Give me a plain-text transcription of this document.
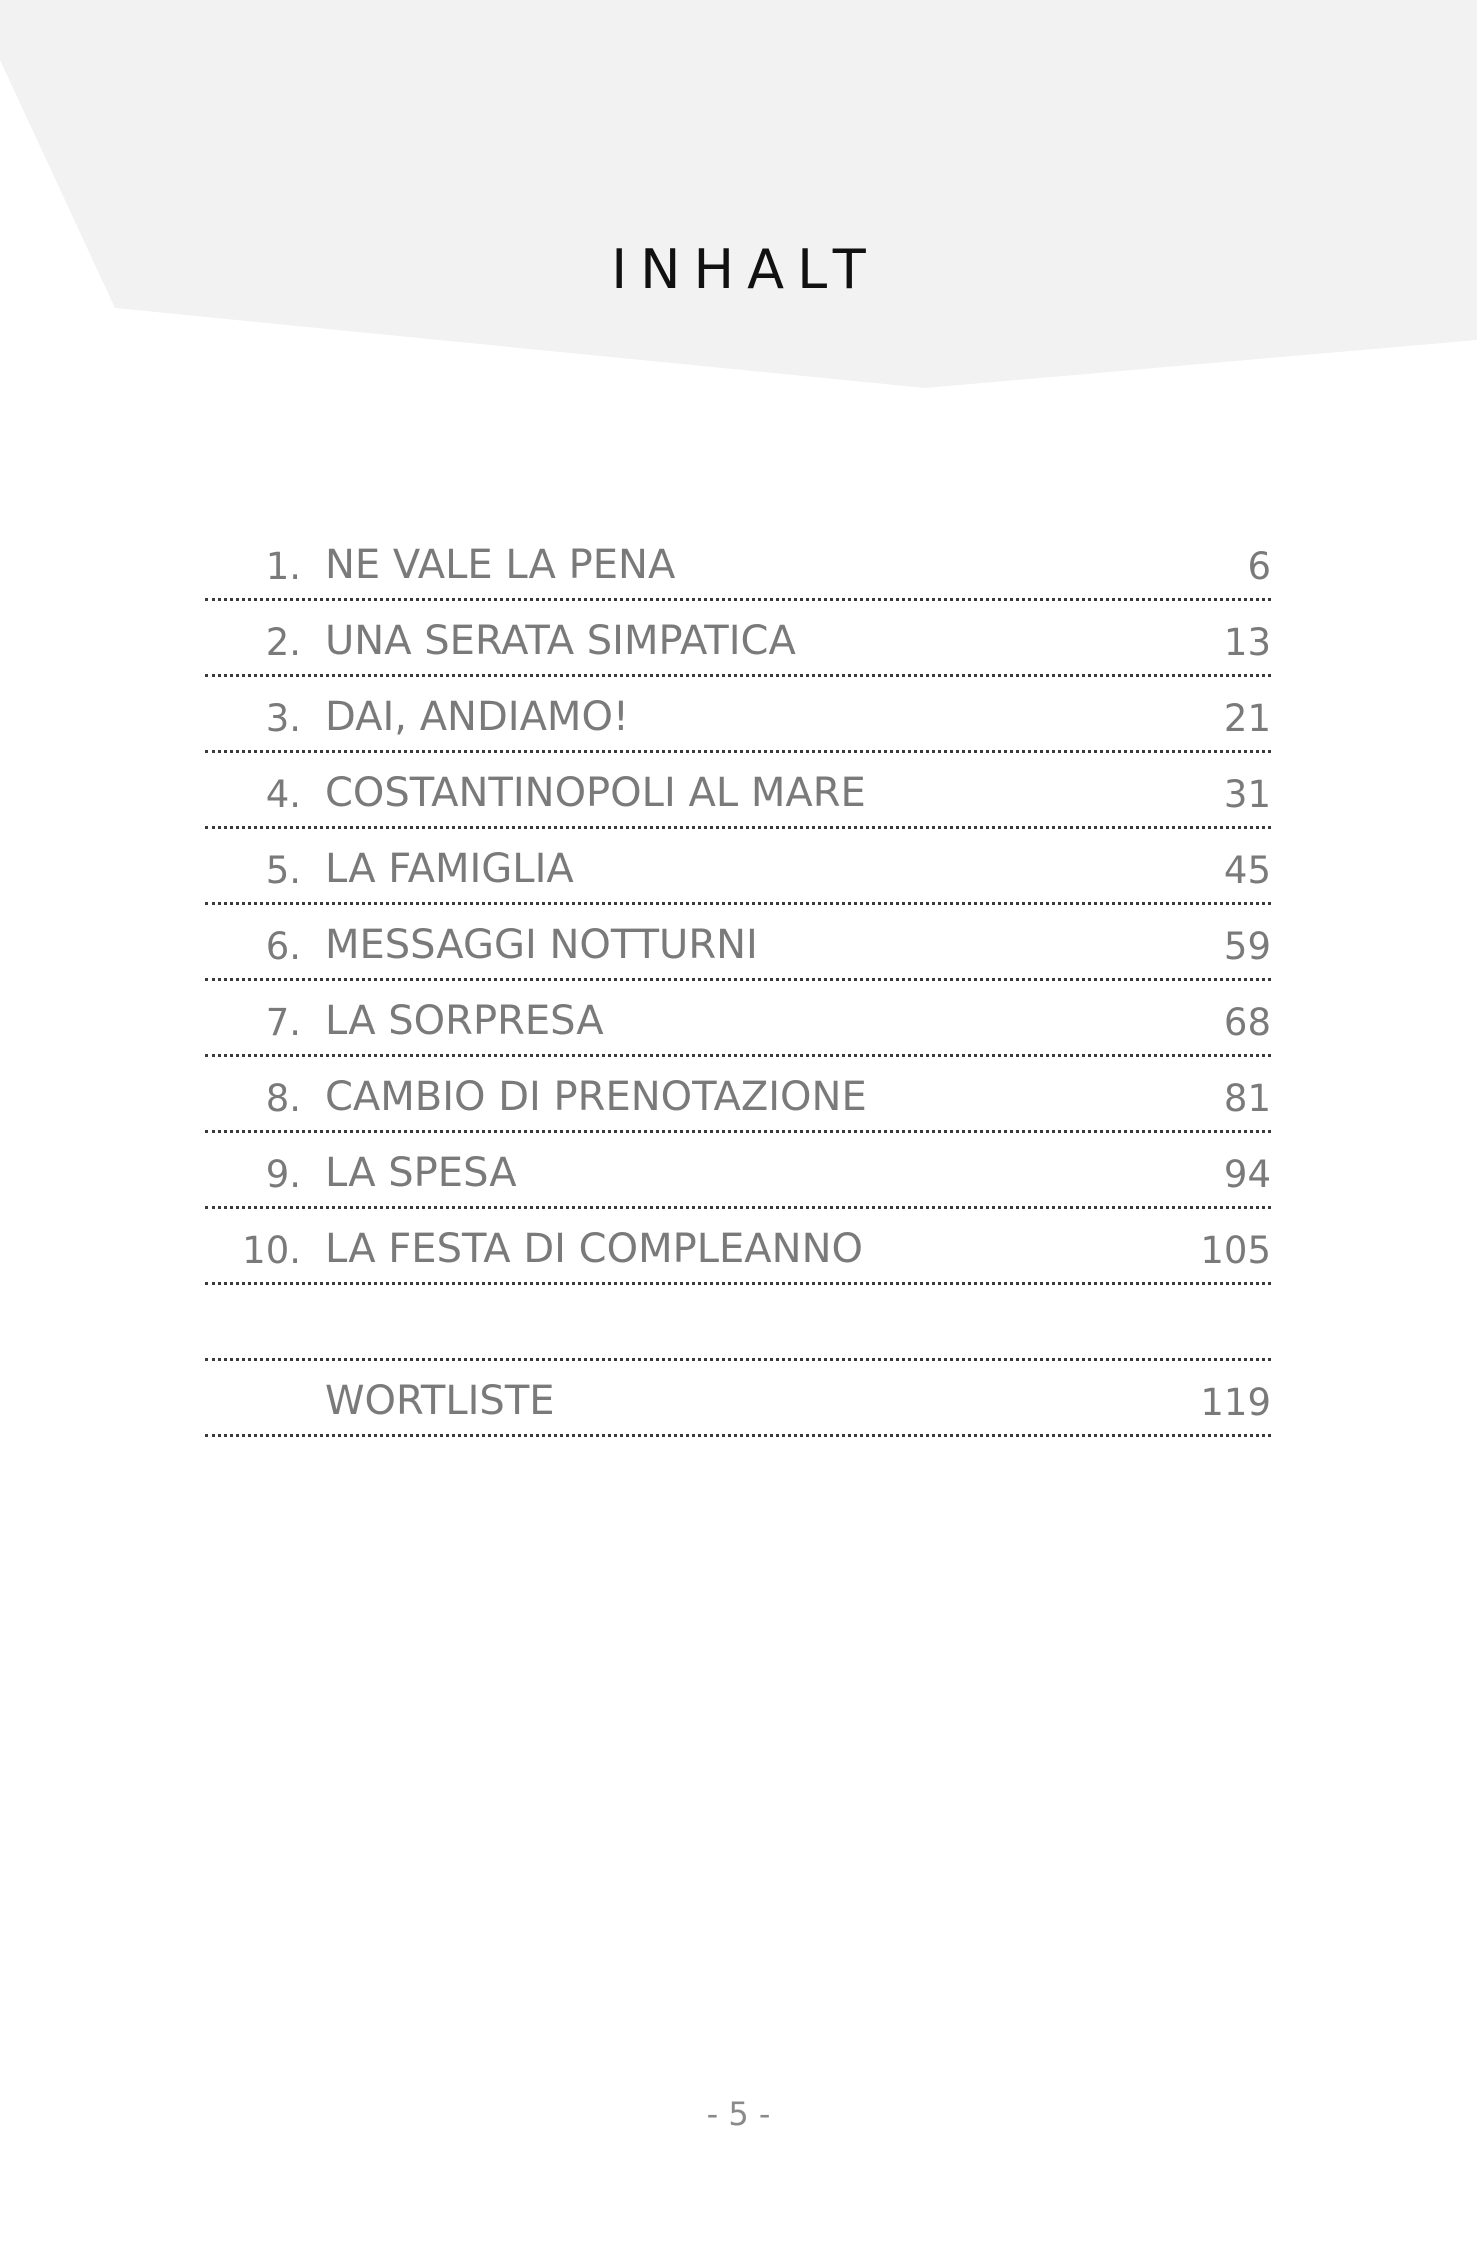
INHALT
1. NE VALE LA PENA	6
2. UNA SERATA SIMPATICA	13
3. DAI, ANDIAMO!	21
4. COSTANTINOPOLI AL MARE	31
5. LA FAMIGLIA	45
6. MESSAGGI NOTTURNI	59
7. LA SORPRESA	68
8. CAMBIO DI PRENOTAZIONE	81
9. LA SPESA	94
10. LA FESTA DI COMPLEANNO	105
WORTLISTE	119
- 5 -
